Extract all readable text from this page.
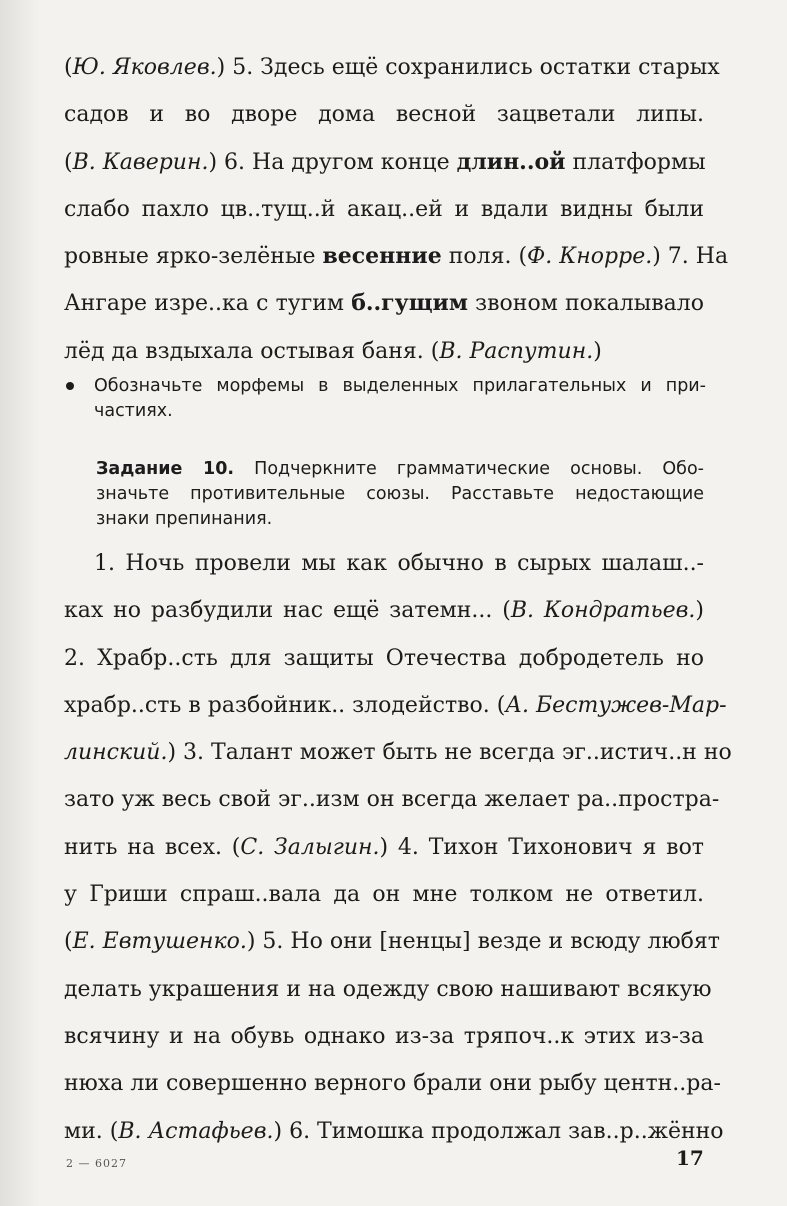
(Ю. Яковлев.) 5. Здесь ещё сохранились остатки старых
садов и во дворе дома весной зацветали липы.
(В. Каверин.) 6. На другом конце длин..ой платформы
слабо пахло цв..тущ..й акац..ей и вдали видны были
ровные ярко-зелёные весенние поля. (Ф. Кнорре.) 7. На
Ангаре изре..ка с тугим б..гущим звоном покалывало
лёд да вздыхала остывая баня. (В. Распутин.)
Обозначьте морфемы в выделенных прилагательных и при-
частиях.
Задание 10. Подчеркните грамматические основы. Обо-
значьте противительные союзы. Расставьте недостающие
знаки препинания.
1. Ночь провели мы как обычно в сырых шалаш..-
ках но разбудили нас ещё затемн... (В. Кондратьев.)
2. Храбр..сть для защиты Отечества добродетель но
храбр..сть в разбойник.. злодейство. (А. Бестужев-Мар-
линский.) 3. Талант может быть не всегда эг..истич..н но
зато уж весь свой эг..изм он всегда желает ра..простра-
нить на всех. (С. Залыгин.) 4. Тихон Тихонович я вот
у Гриши спраш..вала да он мне толком не ответил.
(Е. Евтушенко.) 5. Но они [ненцы] везде и всюду любят
делать украшения и на одежду свою нашивают всякую
всячину и на обувь однако из-за тряпоч..к этих из-за
нюха ли совершенно верного брали они рыбу центн..ра-
ми. (В. Астафьев.) 6. Тимошка продолжал зав..р..жённо
2 — 6027	17
